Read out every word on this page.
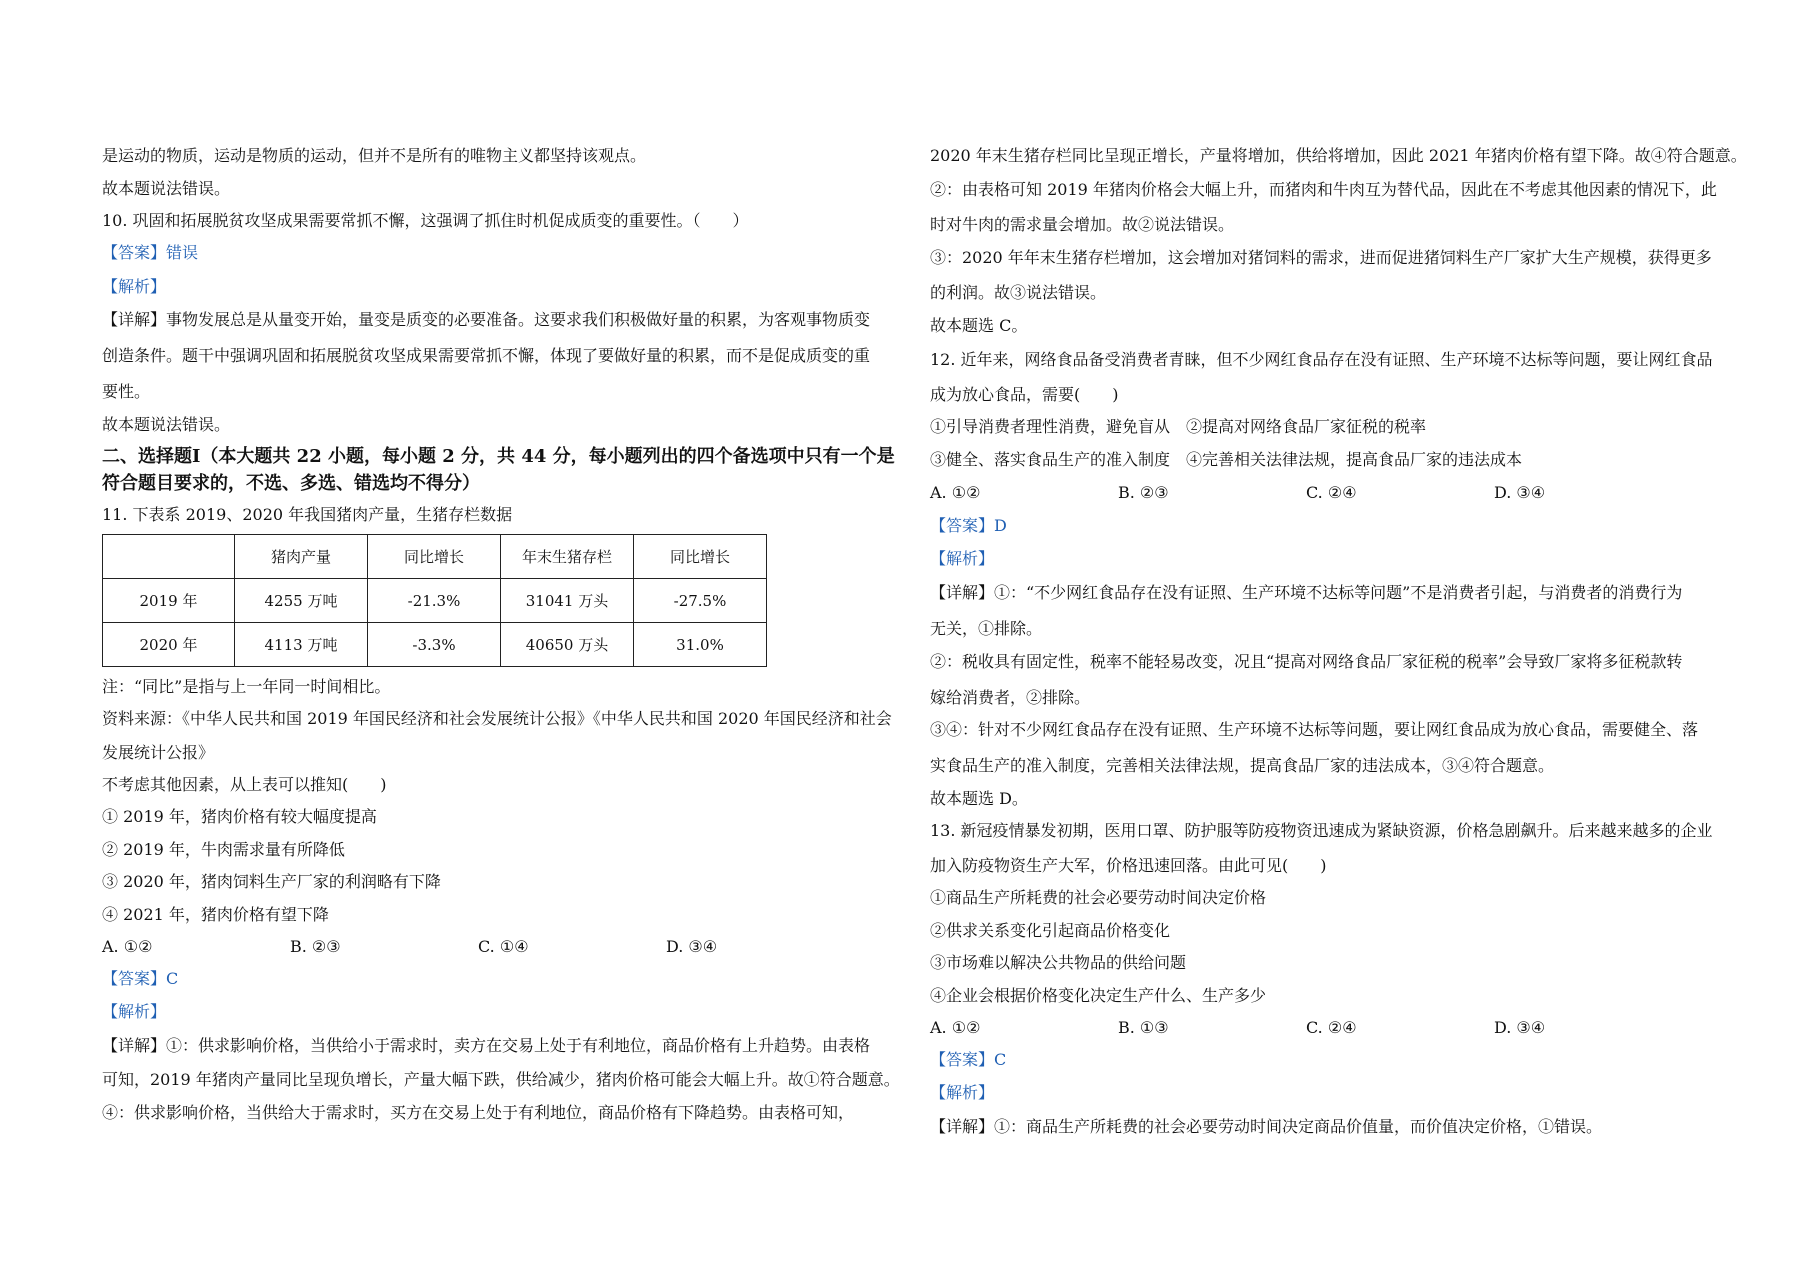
是运动的物质，运动是物质的运动，但并不是所有的唯物主义都坚持该观点。
故本题说法错误。
10. 巩固和拓展脱贫攻坚成果需要常抓不懈，这强调了抓住时机促成质变的重要性。（　　）
【答案】错误
【解析】
【详解】事物发展总是从量变开始，量变是质变的必要准备。这要求我们积极做好量的积累，为客观事物质变
创造条件。题干中强调巩固和拓展脱贫攻坚成果需要常抓不懈，体现了要做好量的积累，而不是促成质变的重
要性。
故本题说法错误。
二、选择题Ⅰ（本大题共 22 小题，每小题 2 分，共 44 分，每小题列出的四个备选项中只有一个是
符合题目要求的，不选、多选、错选均不得分）
11. 下表系 2019、2020 年我国猪肉产量，生猪存栏数据
	猪肉产量	同比增长	年末生猪存栏	同比增长
2019 年	4255 万吨	-21.3%	31041 万头	-27.5%
2020 年	4113 万吨	-3.3%	40650 万头	31.0%
注：“同比”是指与上一年同一时间相比。
资料来源：《中华人民共和国 2019 年国民经济和社会发展统计公报》《中华人民共和国 2020 年国民经济和社会
发展统计公报》
不考虑其他因素，从上表可以推知(　　)
① 2019 年，猪肉价格有较大幅度提高
② 2019 年，牛肉需求量有所降低
③ 2020 年，猪肉饲料生产厂家的利润略有下降
④ 2021 年，猪肉价格有望下降
A. ①②	B. ②③	C. ①④	D. ③④
【答案】C
【解析】
【详解】①：供求影响价格，当供给小于需求时，卖方在交易上处于有利地位，商品价格有上升趋势。由表格
可知，2019 年猪肉产量同比呈现负增长，产量大幅下跌，供给减少，猪肉价格可能会大幅上升。故①符合题意。
④：供求影响价格，当供给大于需求时，买方在交易上处于有利地位，商品价格有下降趋势。由表格可知，
2020 年末生猪存栏同比呈现正增长，产量将增加，供给将增加，因此 2021 年猪肉价格有望下降。故④符合题意。
②：由表格可知 2019 年猪肉价格会大幅上升，而猪肉和牛肉互为替代品，因此在不考虑其他因素的情况下，此
时对牛肉的需求量会增加。故②说法错误。
③：2020 年年末生猪存栏增加，这会增加对猪饲料的需求，进而促进猪饲料生产厂家扩大生产规模，获得更多
的利润。故③说法错误。
故本题选 C。
12. 近年来，网络食品备受消费者青睐，但不少网红食品存在没有证照、生产环境不达标等问题，要让网红食品
成为放心食品，需要(　　)
①引导消费者理性消费，避免盲从　②提高对网络食品厂家征税的税率
③健全、落实食品生产的准入制度　④完善相关法律法规，提高食品厂家的违法成本
A. ①②	B. ②③	C. ②④	D. ③④
【答案】D
【解析】
【详解】①：“不少网红食品存在没有证照、生产环境不达标等问题”不是消费者引起，与消费者的消费行为
无关，①排除。
②：税收具有固定性，税率不能轻易改变，况且“提高对网络食品厂家征税的税率”会导致厂家将多征税款转
嫁给消费者，②排除。
③④：针对不少网红食品存在没有证照、生产环境不达标等问题，要让网红食品成为放心食品，需要健全、落
实食品生产的准入制度，完善相关法律法规，提高食品厂家的违法成本，③④符合题意。
故本题选 D。
13. 新冠疫情暴发初期，医用口罩、防护服等防疫物资迅速成为紧缺资源，价格急剧飙升。后来越来越多的企业
加入防疫物资生产大军，价格迅速回落。由此可见(　　)
①商品生产所耗费的社会必要劳动时间决定价格
②供求关系变化引起商品价格变化
③市场难以解决公共物品的供给问题
④企业会根据价格变化决定生产什么、生产多少
A. ①②	B. ①③	C. ②④	D. ③④
【答案】C
【解析】
【详解】①：商品生产所耗费的社会必要劳动时间决定商品价值量，而价值决定价格，①错误。
